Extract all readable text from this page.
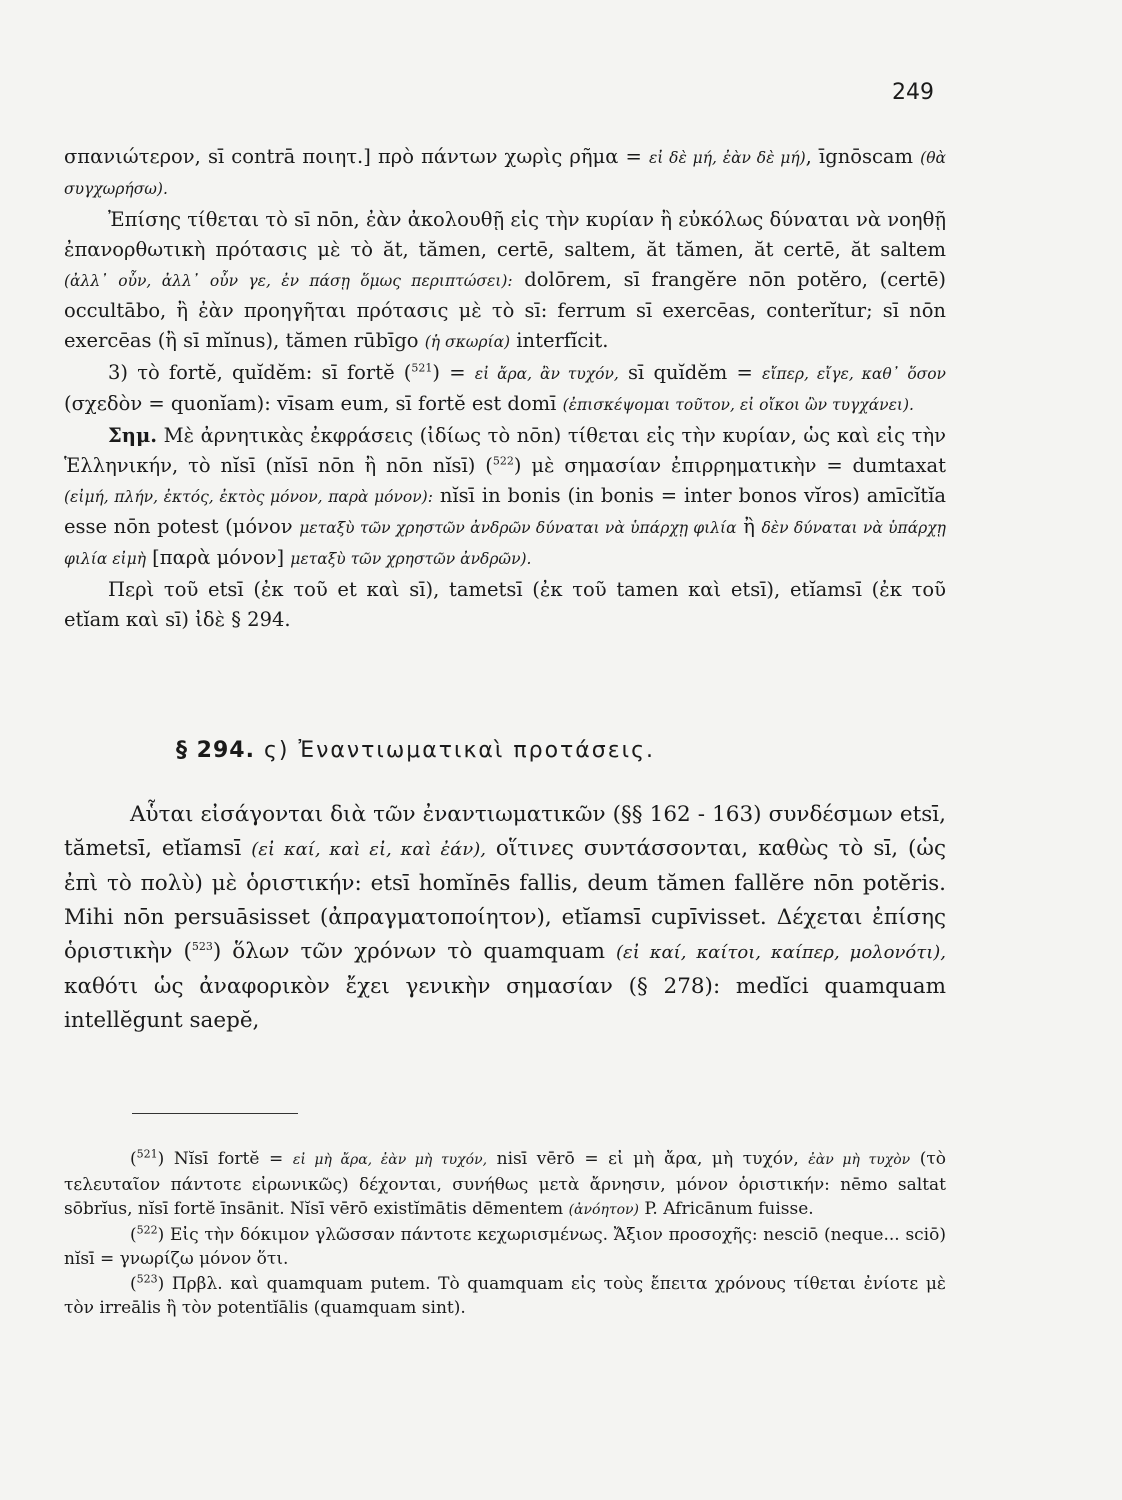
249

σπανιώτερον, sī contrā ποιητ.] πρὸ πάντων χωρὶς ρῆμα = εἰ δὲ μή, ἐὰν δὲ μή), īgnōscam (θὰ συγχωρήσω).

Ἐπίσης τίθεται τὸ sī nōn, ἐὰν ἀκολουθῇ εἰς τὴν κυρίαν ἢ εὐκόλως δύναται νὰ νοηθῇ ἐπανορθωτικὴ πρότασις μὲ τὸ ăt, tămen, certē, saltem, ăt tămen, ăt certē, ăt saltem (ἀλλ᾿ οὖν, ἀλλ᾿ οὖν γε, ἐν πάσῃ ὅμως περιπτώσει): dolōrem, sī frangĕre nōn potĕro, (certē) occultābo, ἢ ἐὰν προηγῆται πρότασις μὲ τὸ sī: ferrum sī exercēas, conterĭtur; sī nōn exercēas (ἢ sī mĭnus), tămen rūbīgo (ἡ σκωρία) interfĭcit.

3) τὸ fortĕ, quĭdĕm: sī fortĕ ($^{521}$) = εἰ ἄρα, ἂν τυχόν, sī quĭdĕm = εἴπερ, εἴγε, καθ᾿ ὅσον (σχεδὸν = quonĭam): vīsam eum, sī fortĕ est domī (ἐπισκέψομαι τοῦτον, εἰ οἴκοι ὢν τυγχάνει).

Σημ. Μὲ ἀρνητικὰς ἐκφράσεις (ἰδίως τὸ nōn) τίθεται εἰς τὴν κυρίαν, ὡς καὶ εἰς τὴν Ἑλληνικήν, τὸ nĭsī (nĭsī nōn ἢ nōn nĭsī) ($^{522}$) μὲ σημασίαν ἐπιρρηματικὴν = dumtaxat (εἰμή, πλήν, ἐκτός, ἐκτὸς μόνον, παρὰ μόνον): nĭsī in bonis (in bonis = inter bonos vĭros) amīcĭtĭa esse nōn potest (μόνον μεταξὺ τῶν χρηστῶν ἀνδρῶν δύναται νὰ ὑπάρχῃ φιλία ἢ δὲν δύναται νὰ ὑπάρχῃ φιλία εἰμὴ [παρὰ μόνον] μεταξὺ τῶν χρηστῶν ἀνδρῶν).

Περὶ τοῦ etsī (ἐκ τοῦ et καὶ sī), tametsī (ἐκ τοῦ tamen καὶ etsī), etĭamsī (ἐκ τοῦ etĭam καὶ sī) ἰδὲ § 294.

§ 294. ς) Ἐναντιωματικαὶ προτάσεις.

Αὗται εἰσάγονται διὰ τῶν ἐναντιωματικῶν (§§ 162 - 163) συνδέσμων etsī, tămetsī, etĭamsī (εἰ καί, καὶ εἰ, καὶ ἐάν), οἵτινες συντάσσονται, καθὼς τὸ sī, (ὡς ἐπὶ τὸ πολὺ) μὲ ὁριστικήν: etsī homĭnēs fallis, deum tămen fallĕre nōn potĕris. Mihi nōn persuāsisset (ἀπραγματοποίητον), etĭamsī cupīvisset. Δέχεται ἐπίσης ὁριστικὴν ($^{523}$) ὅλων τῶν χρόνων τὸ quamquam (εἰ καί, καίτοι, καίπερ, μολονότι), καθότι ὡς ἀναφορικὸν ἔχει γενικὴν σημασίαν (§ 278): medĭci quamquam intellĕgunt saepĕ,

($^{521}$) Nĭsī fortĕ = εἰ μὴ ἄρα, ἐὰν μὴ τυχόν, nisī vērō = εἰ μὴ ἄρα, μὴ τυχόν, ἐὰν μὴ τυχὸν (τὸ τελευταῖον πάντοτε εἰρωνικῶς) δέχονται, συνήθως μετὰ ἄρνησιν, μόνον ὁριστικήν: nēmo saltat sōbrĭus, nĭsī fortĕ īnsānit. Nĭsī vērō existĭmātis dēmentem (ἀνόητον) P. Africānum fuisse.

($^{522}$) Εἰς τὴν δόκιμον γλῶσσαν πάντοτε κεχωρισμένως. Ἄξιον προσοχῆς: nesciō (neque... sciō) nĭsī = γνωρίζω μόνον ὅτι.

($^{523}$) Πρβλ. καὶ quamquam putem. Τὸ quamquam εἰς τοὺς ἔπειτα χρόνους τίθεται ἐνίοτε μὲ τὸν irreālis ἢ τὸν potentĭālis (quamquam sint).
